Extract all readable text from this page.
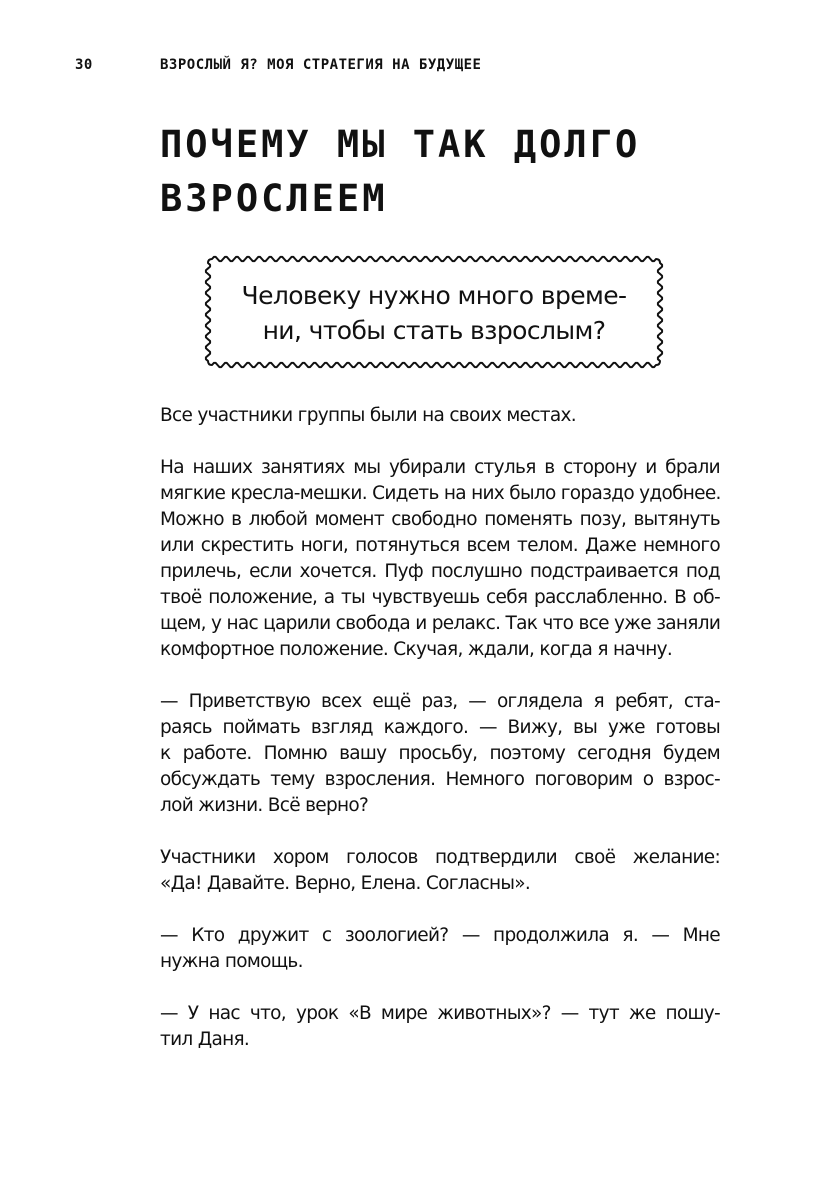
30	ВЗРОСЛЫЙ Я? МОЯ СТРАТЕГИЯ НА БУДУЩЕЕ
ПОЧЕМУ МЫ ТАК ДОЛГО
ВЗРОСЛЕЕМ
Человеку нужно много време-
ни, чтобы стать взрослым?

Все участники группы были на своих местах.

На наших занятиях мы убирали стулья в сторону и брали
мягкие кресла-мешки. Сидеть на них было гораздо удобнее.
Можно в любой момент свободно поменять позу, вытянуть
или скрестить ноги, потянуться всем телом. Даже немного
прилечь, если хочется. Пуф послушно подстраивается под
твоё положение, а ты чувствуешь себя расслабленно. В об-
щем, у нас царили свобода и релакс. Так что все уже заняли
комфортное положение. Скучая, ждали, когда я начну.

— Приветствую всех ещё раз, — оглядела я ребят, ста-
раясь поймать взгляд каждого. — Вижу, вы уже готовы
к работе. Помню вашу просьбу, поэтому сегодня будем
обсуждать тему взросления. Немного поговорим о взрос-
лой жизни. Всё верно?

Участники хором голосов подтвердили своё желание:
«Да! Давайте. Верно, Елена. Согласны».

— Кто дружит с зоологией? — продолжила я. — Мне
нужна помощь.

— У нас что, урок «В мире животных»? — тут же пошу-
тил Даня.
